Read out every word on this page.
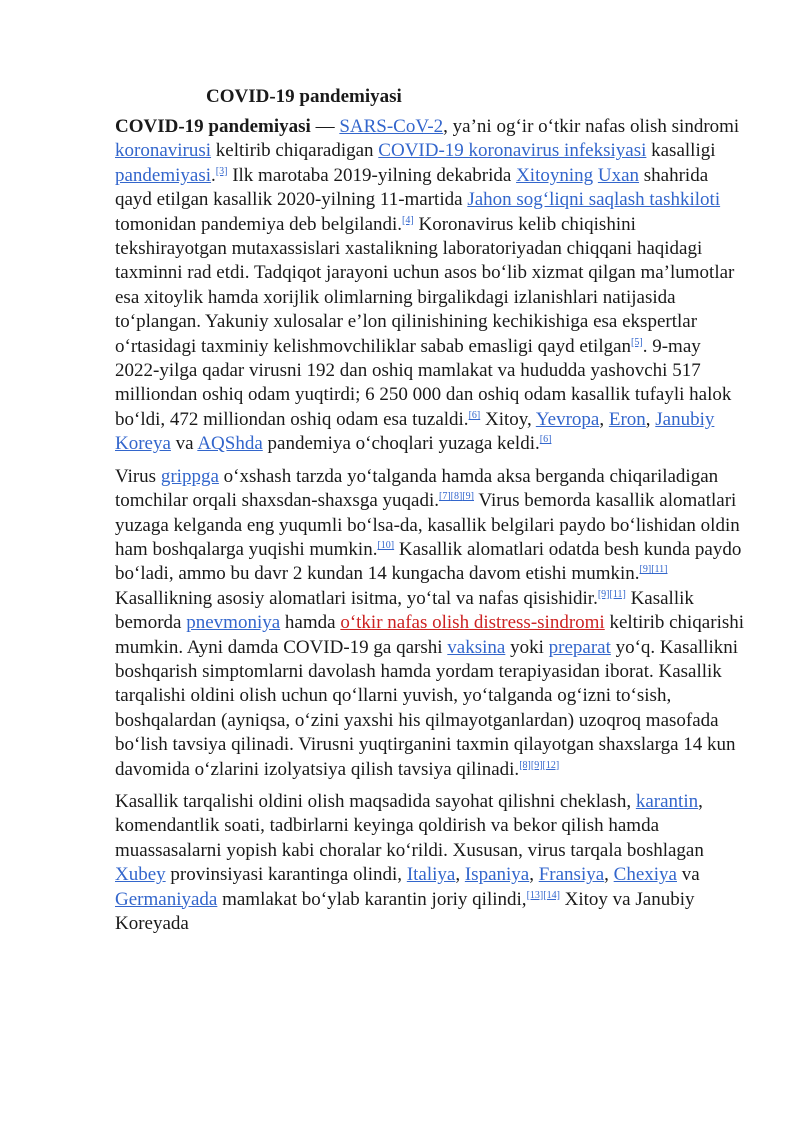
COVID-19 pandemiyasi

COVID-19 pandemiyasi — SARS-CoV-2, ya’ni og‘ir o‘tkir nafas olish sindromi koronavirusi keltirib chiqaradigan COVID-19 koronavirus infeksiyasi kasalligi pandemiyasi.[3] Ilk marotaba 2019-yilning dekabrida Xitoyning Uxan shahrida qayd etilgan kasallik 2020-yilning 11-martida Jahon sog‘liqni saqlash tashkiloti tomonidan pandemiya deb belgilandi.[4] Koronavirus kelib chiqishini tekshirayotgan mutaxassislari xastalikning laboratoriyadan chiqqani haqidagi taxminni rad etdi. Tadqiqot jarayoni uchun asos bo‘lib xizmat qilgan ma’lumotlar esa xitoylik hamda xorijlik olimlarning birgalikdagi izlanishlari natijasida to‘plangan. Yakuniy xulosalar e’lon qilinishining kechikishiga esa ekspertlar o‘rtasidagi taxminiy kelishmovchiliklar sabab emasligi qayd etilgan[5]. 9-may 2022-yilga qadar virusni 192 dan oshiq mamlakat va hududda yashovchi 517 milliondan oshiq odam yuqtirdi; 6 250 000 dan oshiq odam kasallik tufayli halok bo‘ldi, 472 milliondan oshiq odam esa tuzaldi.[6] Xitoy, Yevropa, Eron, Janubiy Koreya va AQShda pandemiya o‘choqlari yuzaga keldi.[6]

Virus grippga o‘xshash tarzda yo‘talganda hamda aksa berganda chiqariladigan tomchilar orqali shaxsdan-shaxsga yuqadi.[7][8][9] Virus bemorda kasallik alomatlari yuzaga kelganda eng yuqumli bo‘lsa-da, kasallik belgilari paydo bo‘lishidan oldin ham boshqalarga yuqishi mumkin.[10] Kasallik alomatlari odatda besh kunda paydo bo‘ladi, ammo bu davr 2 kundan 14 kungacha davom etishi mumkin.[9][11] Kasallikning asosiy alomatlari isitma, yo‘tal va nafas qisishidir.[9][11] Kasallik bemorda pnevmoniya hamda o‘tkir nafas olish distress-sindromi keltirib chiqarishi mumkin. Ayni damda COVID-19 ga qarshi vaksina yoki preparat yo‘q. Kasallikni boshqarish simptomlarni davolash hamda yordam terapiyasidan iborat. Kasallik tarqalishi oldini olish uchun qo‘llarni yuvish, yo‘talganda og‘izni to‘sish, boshqalardan (ayniqsa, o‘zini yaxshi his qilmayotganlardan) uzoqroq masofada bo‘lish tavsiya qilinadi. Virusni yuqtirganini taxmin qilayotgan shaxslarga 14 kun davomida o‘zlarini izolyatsiya qilish tavsiya qilinadi.[8][9][12]

Kasallik tarqalishi oldini olish maqsadida sayohat qilishni cheklash, karantin, komendantlik soati, tadbirlarni keyinga qoldirish va bekor qilish hamda muassasalarni yopish kabi choralar ko‘rildi. Xususan, virus tarqala boshlagan Xubey provinsiyasi karantinga olindi, Italiya, Ispaniya, Fransiya, Chexiya va Germaniyada mamlakat bo‘ylab karantin joriy qilindi,[13][14] Xitoy va Janubiy Koreyada
